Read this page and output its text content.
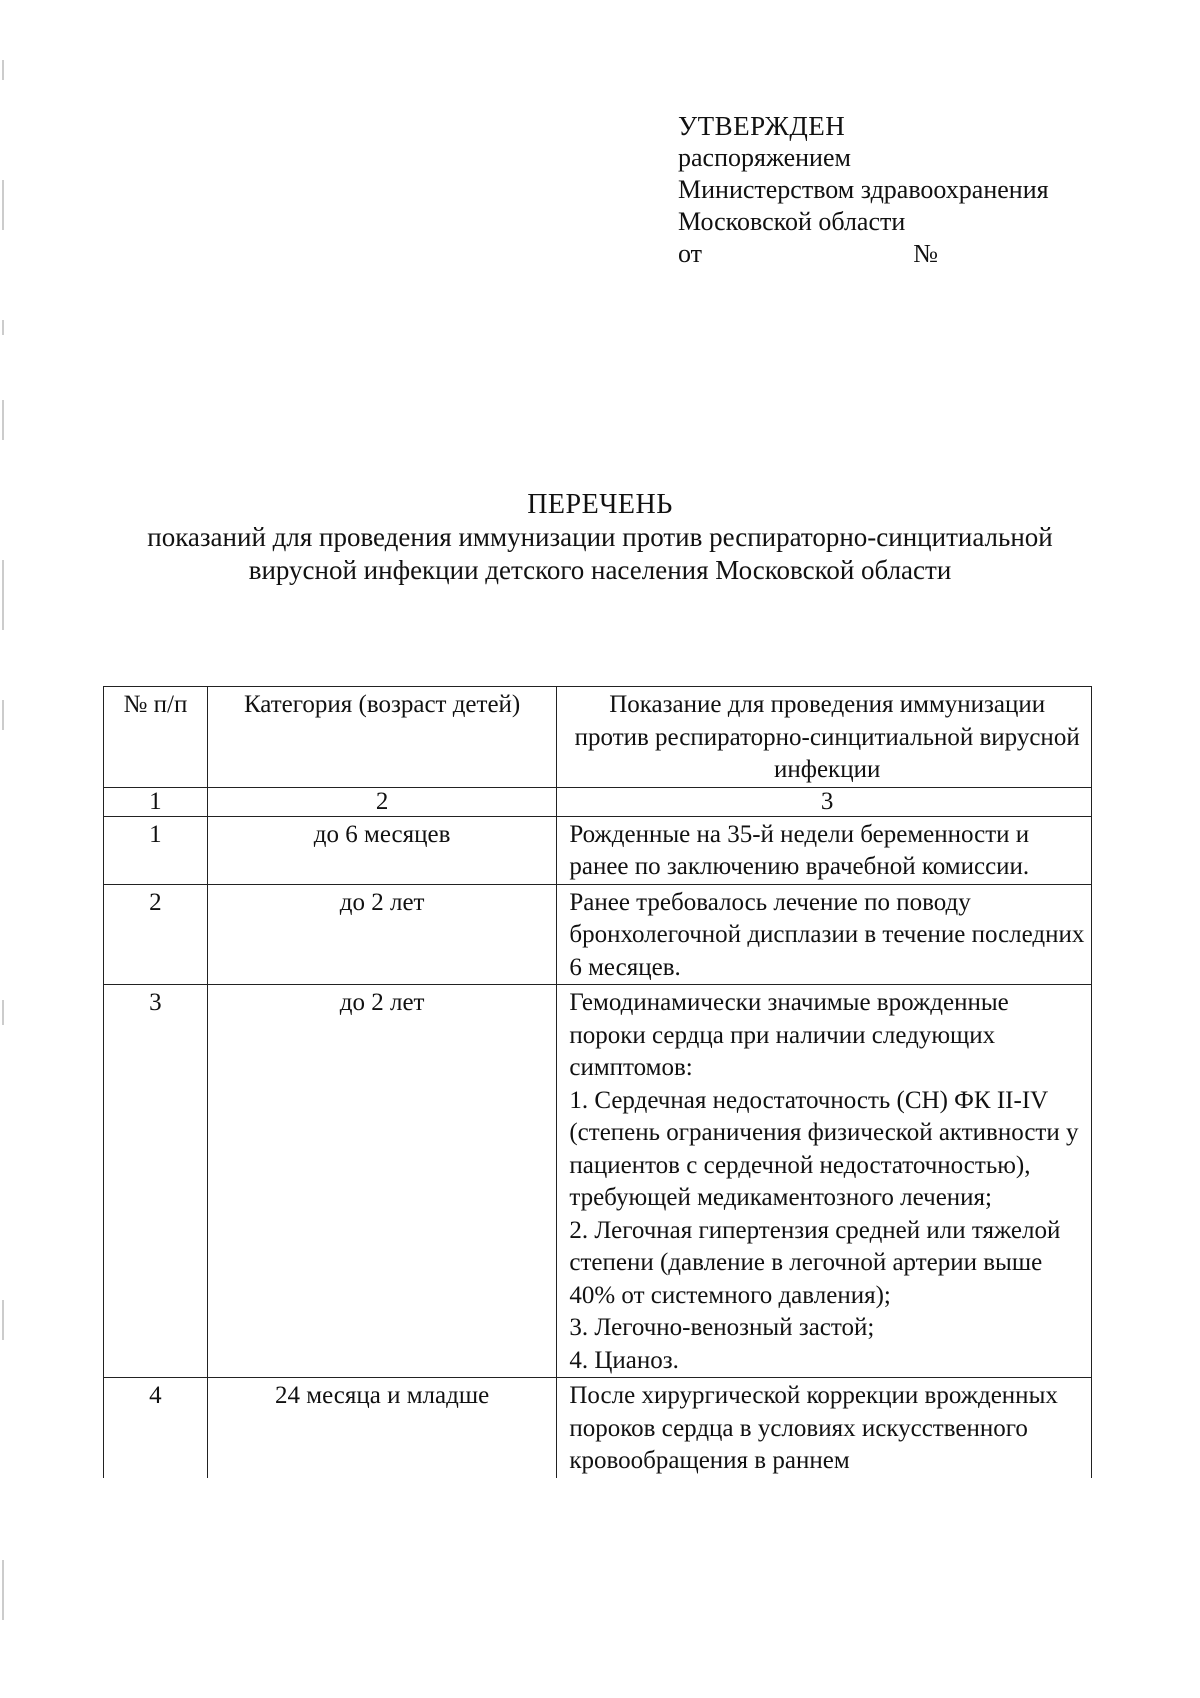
УТВЕРЖДЕН
распоряжением
Министерством здравоохранения
Московской области
от	№
ПЕРЕЧЕНЬ
показаний для проведения иммунизации против респираторно-синцитиальной вирусной инфекции детского населения Московской области
№ п/п	Категория (возраст детей)	Показание для проведения иммунизации против респираторно-синцитиальной вирусной инфекции
1	2	3
1	до 6 месяцев	Рожденные на 35-й недели беременности и ранее по заключению врачебной комиссии.

2	до 2 лет	Ранее требовалось лечение по поводу бронхолегочной дисплазии в течение последних 6 месяцев.

3	до 2 лет	Гемодинамически значимые врожденные пороки сердца при наличии следующих симптомов:
1. Сердечная недостаточность (СН) ФК II-IV (степень ограничения физической активности у пациентов с сердечной недостаточностью), требующей медикаментозного лечения;
2. Легочная гипертензия средней или тяжелой степени (давление в легочной артерии выше 40% от системного давления);
3. Легочно-венозный застой;
4. Цианоз.

4	24 месяца и младше	После хирургической коррекции врожденных пороков сердца в условиях искусственного кровообращения в раннем
